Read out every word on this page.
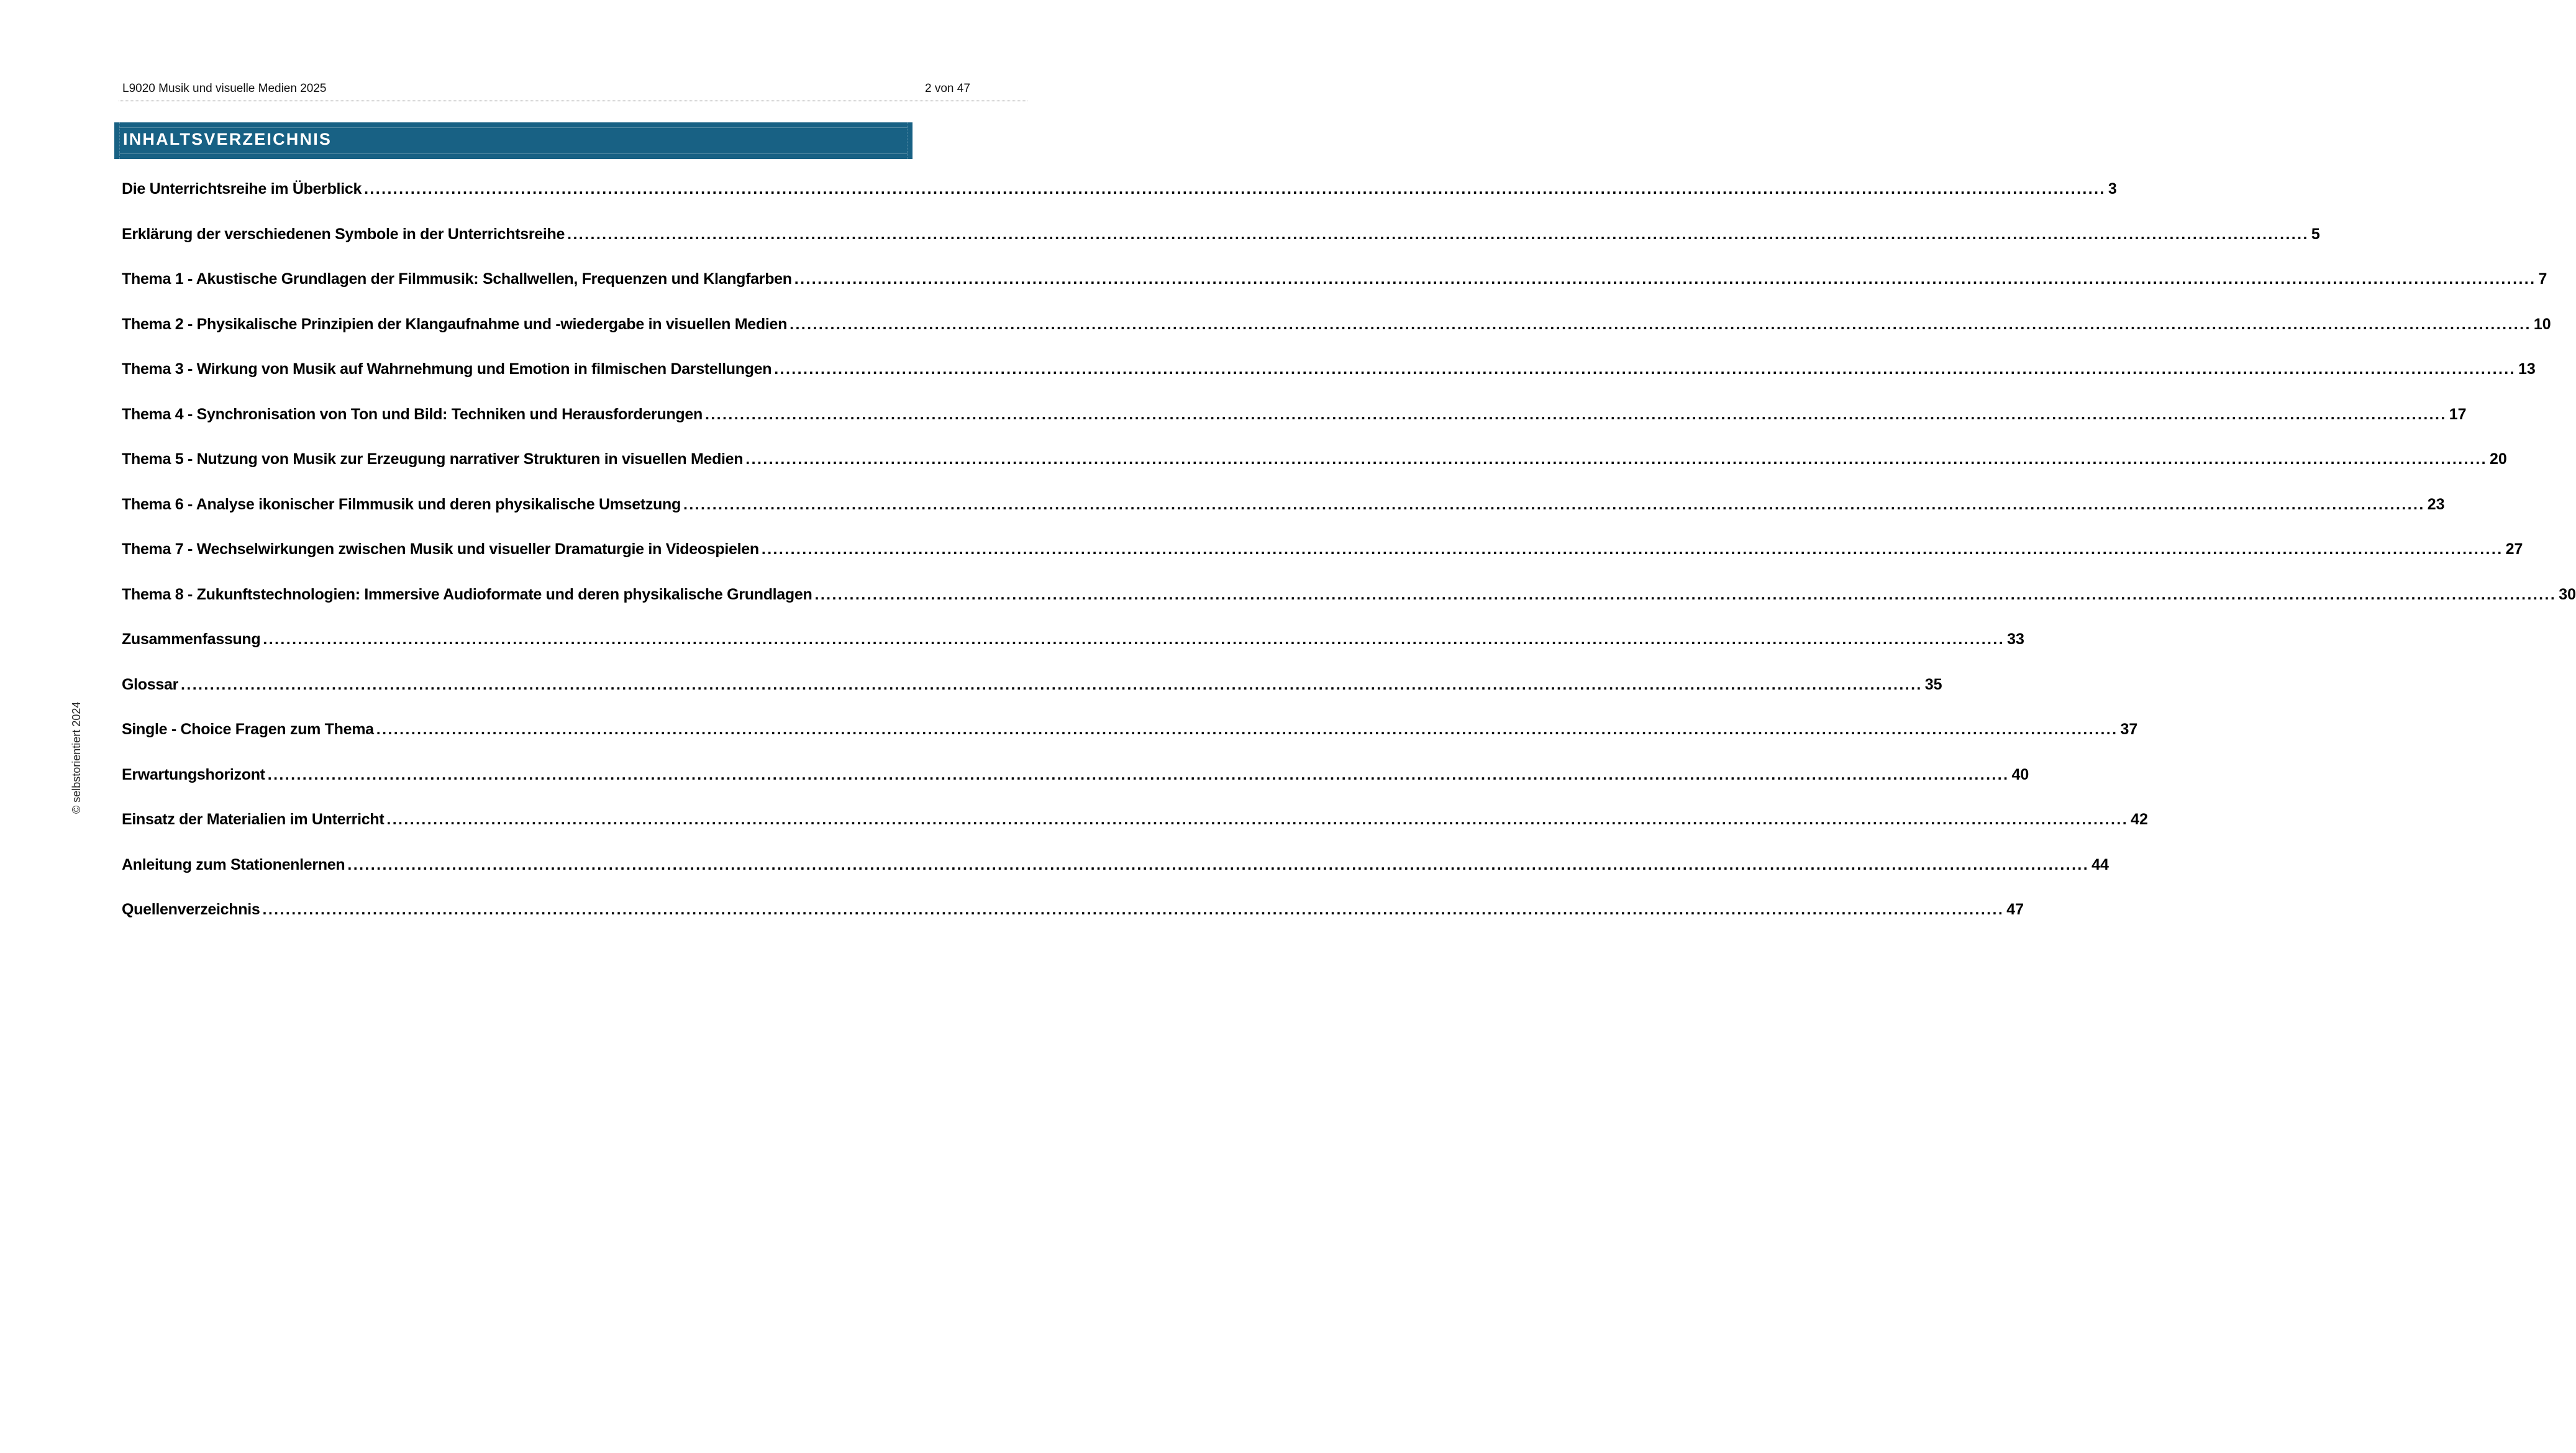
L9020 Musik und visuelle Medien 2025	2 von 47
INHALTSVERZEICHNIS
Die Unterrichtsreihe im Überblick ............................................................................................................................................................................................................................................................................................................ 3
Erklärung der verschiedenen Symbole in der Unterrichtsreihe ............................................................................................................................................................................................................................................................................................................ 5
Thema 1 - Akustische Grundlagen der Filmmusik: Schallwellen, Frequenzen und Klangfarben ............................................................................................................................................................................................................................................................................................................ 7
Thema 2 - Physikalische Prinzipien der Klangaufnahme und -wiedergabe in visuellen Medien ............................................................................................................................................................................................................................................................................................................ 10
Thema 3 - Wirkung von Musik auf Wahrnehmung und Emotion in filmischen Darstellungen ............................................................................................................................................................................................................................................................................................................ 13
Thema 4 - Synchronisation von Ton und Bild: Techniken und Herausforderungen ............................................................................................................................................................................................................................................................................................................ 17
Thema 5 - Nutzung von Musik zur Erzeugung narrativer Strukturen in visuellen Medien ............................................................................................................................................................................................................................................................................................................ 20
Thema 6 - Analyse ikonischer Filmmusik und deren physikalische Umsetzung ............................................................................................................................................................................................................................................................................................................ 23
Thema 7 - Wechselwirkungen zwischen Musik und visueller Dramaturgie in Videospielen ............................................................................................................................................................................................................................................................................................................ 27
Thema 8 - Zukunftstechnologien: Immersive Audioformate und deren physikalische Grundlagen ............................................................................................................................................................................................................................................................................................................ 30
Zusammenfassung ............................................................................................................................................................................................................................................................................................................ 33
Glossar ............................................................................................................................................................................................................................................................................................................ 35
Single - Choice Fragen zum Thema ............................................................................................................................................................................................................................................................................................................ 37
Erwartungshorizont ............................................................................................................................................................................................................................................................................................................ 40
Einsatz der Materialien im Unterricht ............................................................................................................................................................................................................................................................................................................ 42
Anleitung zum Stationenlernen ............................................................................................................................................................................................................................................................................................................ 44
Quellenverzeichnis ............................................................................................................................................................................................................................................................................................................ 47
© selbstorientiert 2024
